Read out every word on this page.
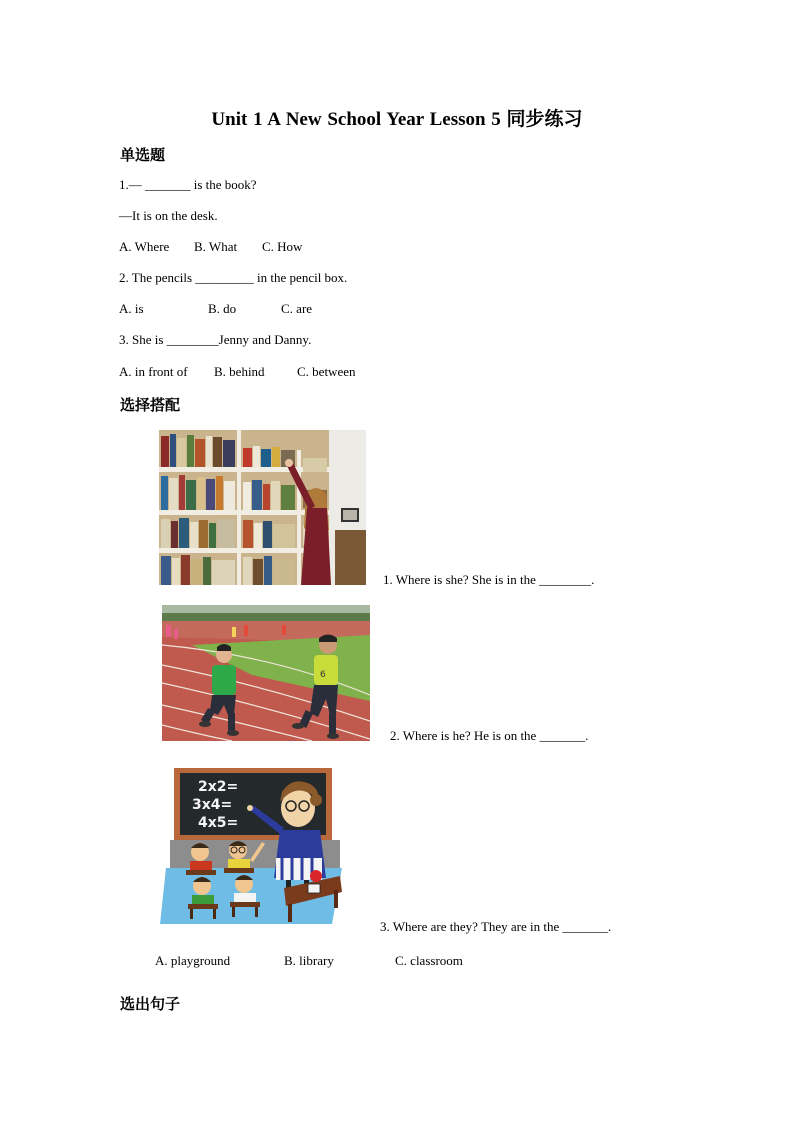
Unit 1 A New School Year Lesson 5 同步练习
单选题
1.— _______ is the book?
—It is on the desk.
A. Where B. What C. How
2. The pencils _________ in the pencil box.
A. is	B. do	C. are
3. She is ________Jenny and Danny.
A. in front of B. behind C. between
选择搭配
1. Where is she? She is in the ________.
6
2. Where is he? He is on the _______.
2x2=
3x4=
4x5=
3. Where are they? They are in the _______.
A. playground	B. library	C. classroom
选出句子
